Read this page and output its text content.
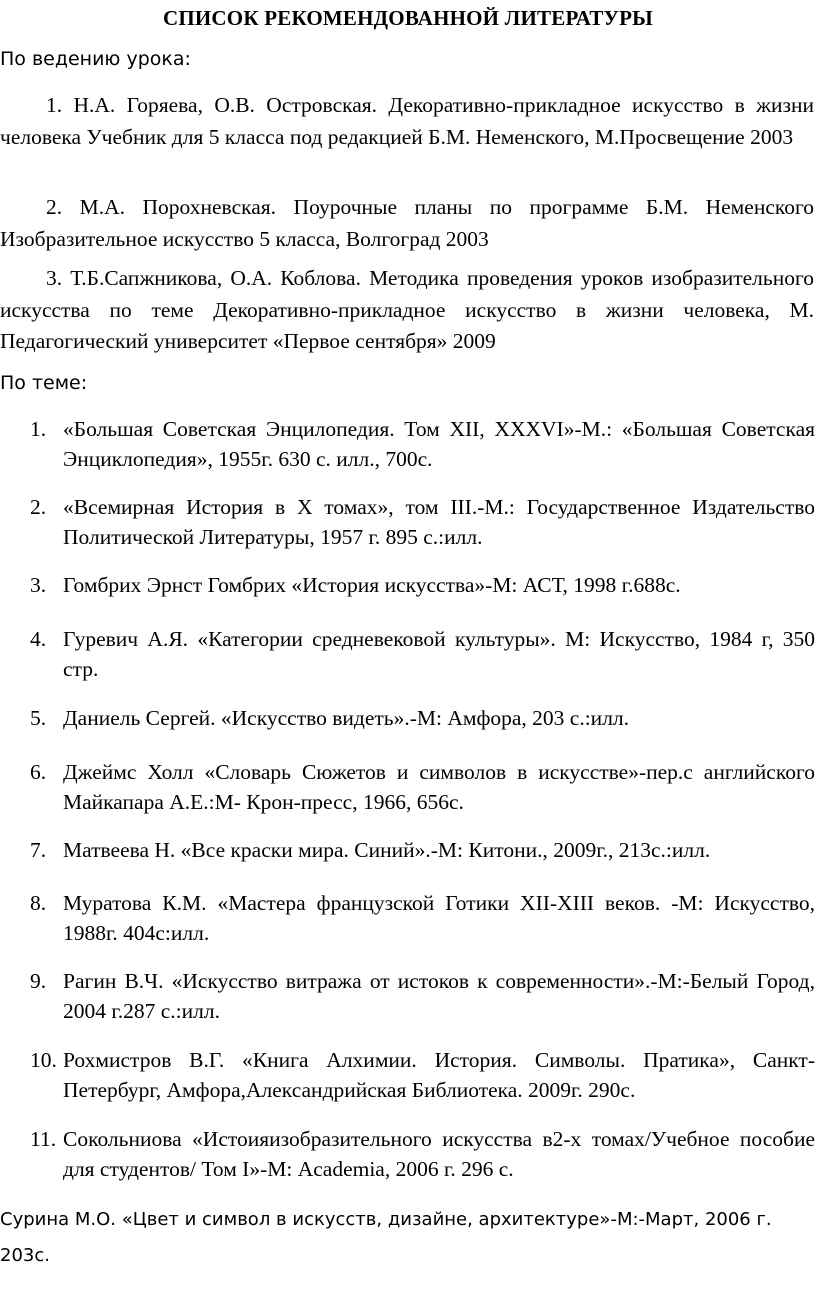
СПИСОК РЕКОМЕНДОВАННОЙ ЛИТЕРАТУРЫ
По ведению урока:
1. Н.А. Горяева, О.В. Островская. Декоративно-прикладное искусство в жизни человека Учебник для 5 класса под редакцией Б.М. Неменского, М.Просвещение 2003
2. М.А. Порохневская. Поурочные планы по программе Б.М. Неменского Изобразительное искусство 5 класса, Волгоград 2003
3. Т.Б.Сапжникова, О.А. Коблова. Методика проведения уроков изобразительного искусства по теме Декоративно-прикладное искусство в жизни человека, М. Педагогический университет «Первое сентября» 2009
По теме:
1. «Большая Советская Энцилопедия. Том XII, XXXVI»-М.: «Большая Советская Энциклопедия», 1955г. 630 с. илл., 700с.
2. «Всемирная История в X томах», том III.-М.: Государственное Издательство Политической Литературы, 1957 г. 895 с.:илл.
3. Гомбрих Эрнст Гомбрих «История искусства»-М: АСТ, 1998 г.688с.
4. Гуревич А.Я. «Категории средневековой культуры». М: Искусство, 1984 г, 350 стр.
5. Даниель Сергей. «Искусство видеть».-М: Амфора, 203 с.:илл.
6. Джеймс Холл «Словарь Сюжетов и символов в искусстве»-пер.с английского Майкапара А.Е.:М- Крон-пресс, 1966, 656с.
7. Матвеева Н. «Все краски мира. Синий».-М: Китони., 2009г., 213с.:илл.
8. Муратова К.М. «Мастера французской Готики XII-XIII веков. -М: Искусство, 1988г. 404с:илл.
9. Рагин В.Ч. «Искусство витража от истоков к современности».-М:-Белый Город, 2004 г.287 с.:илл.
10. Рохмистров В.Г. «Книга Алхимии. История. Символы. Пратика», Санкт-Петербург, Амфора,Александрийская Библиотека. 2009г. 290с.
11. Сокольниова «Истоияизобразительного искусства в2-х томах/Учебное пособие для студентов/ Том I»-М: Academia, 2006 г. 296 с.
Сурина М.О. «Цвет и символ в искусств, дизайне, архитектуре»-М:-Март, 2006 г. 203с.
